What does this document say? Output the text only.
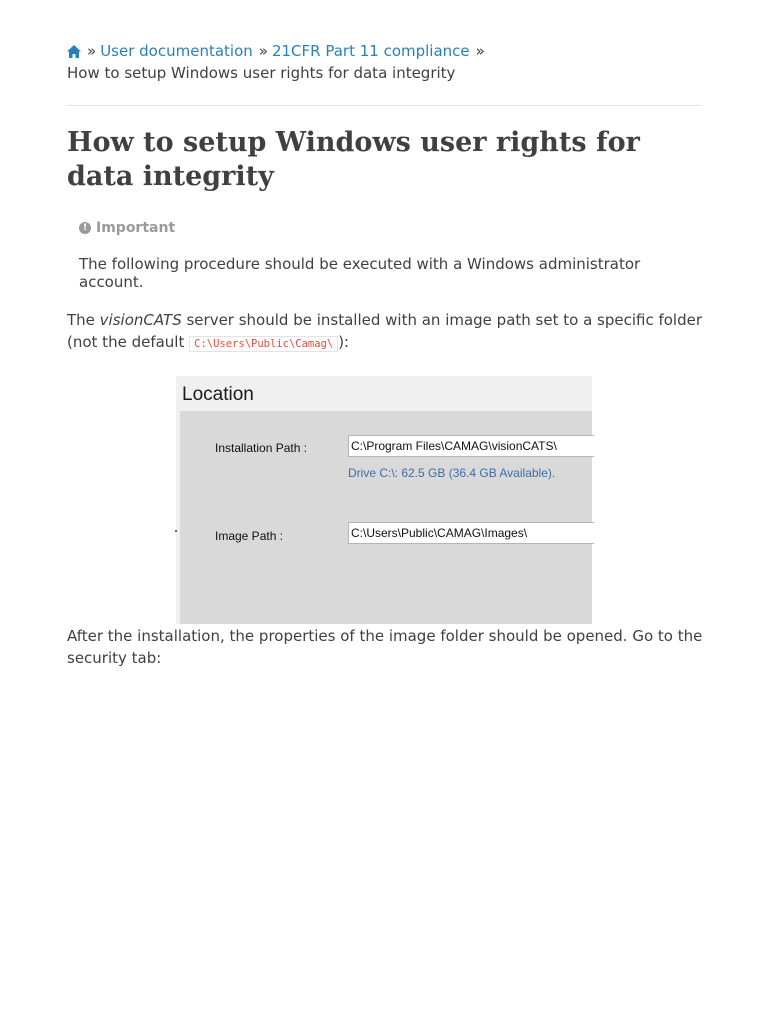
» User documentation » 21CFR Part 11 compliance »
How to setup Windows user rights for data integrity
How to setup Windows user rights for data integrity
! Important
The following procedure should be executed with a Windows administrator account.

The visionCATS server should be installed with an image path set to a specific folder (not the default C:\Users\Public\Camag\ ):

Location
Installation Path :	C:\Program Files\CAMAG\visionCATS\
Drive C:\: 62.5 GB (36.4 GB Available).
Image Path :	C:\Users\Public\CAMAG\Images\

After the installation, the properties of the image folder should be opened. Go to the security tab:
